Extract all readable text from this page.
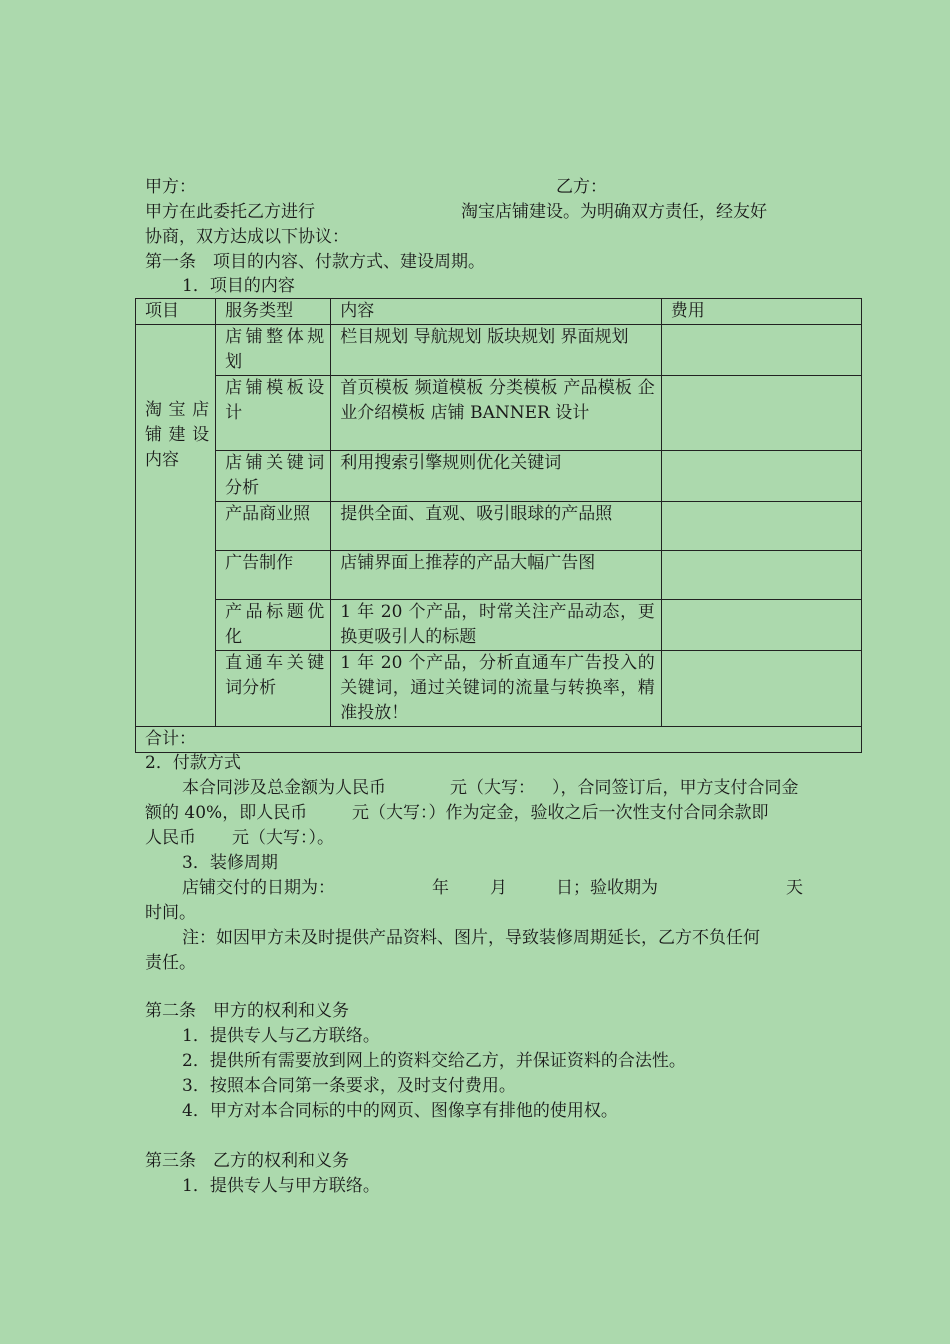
甲方：	乙方：
甲方在此委托乙方进行	淘宝店铺建设。为明确双方责任，经友好
协商，双方达成以下协议：
第一条　项目的内容、付款方式、建设周期。
1．项目的内容
项目	服务类型	内容	费用
淘宝店铺建设内容	店铺整体规划	栏目规划 导航规划 版块规划 界面规划	
	店铺模板设计	首页模板 频道模板 分类模板 产品模板 企业介绍模板 店铺 BANNER 设计	
	店铺关键词分析	利用搜索引擎规则优化关键词	
	产品商业照	提供全面、直观、吸引眼球的产品照	
	广告制作	店铺界面上推荐的产品大幅广告图	
	产品标题优化	1 年 20 个产品，时常关注产品动态，更换更吸引人的标题	
	直通车关键词分析	1 年 20 个产品，分析直通车广告投入的关键词，通过关键词的流量与转换率，精准投放！	
合计：			
2．付款方式
本合同涉及总金额为人民币	元（大写： ），合同签订后，甲方支付合同金
额的 40%，即人民币	元（大写：）作为定金，验收之后一次性支付合同余款即
人民币 元（大写：）。
3．装修周期
店铺交付的日期为：	年 月	日；验收期为	天
时间。
注：如因甲方未及时提供产品资料、图片，导致装修周期延长，乙方不负任何
责任。
第二条　甲方的权利和义务
1．提供专人与乙方联络。
2．提供所有需要放到网上的资料交给乙方，并保证资料的合法性。
3．按照本合同第一条要求，及时支付费用。
4．甲方对本合同标的中的网页、图像享有排他的使用权。
第三条　乙方的权利和义务
1．提供专人与甲方联络。
